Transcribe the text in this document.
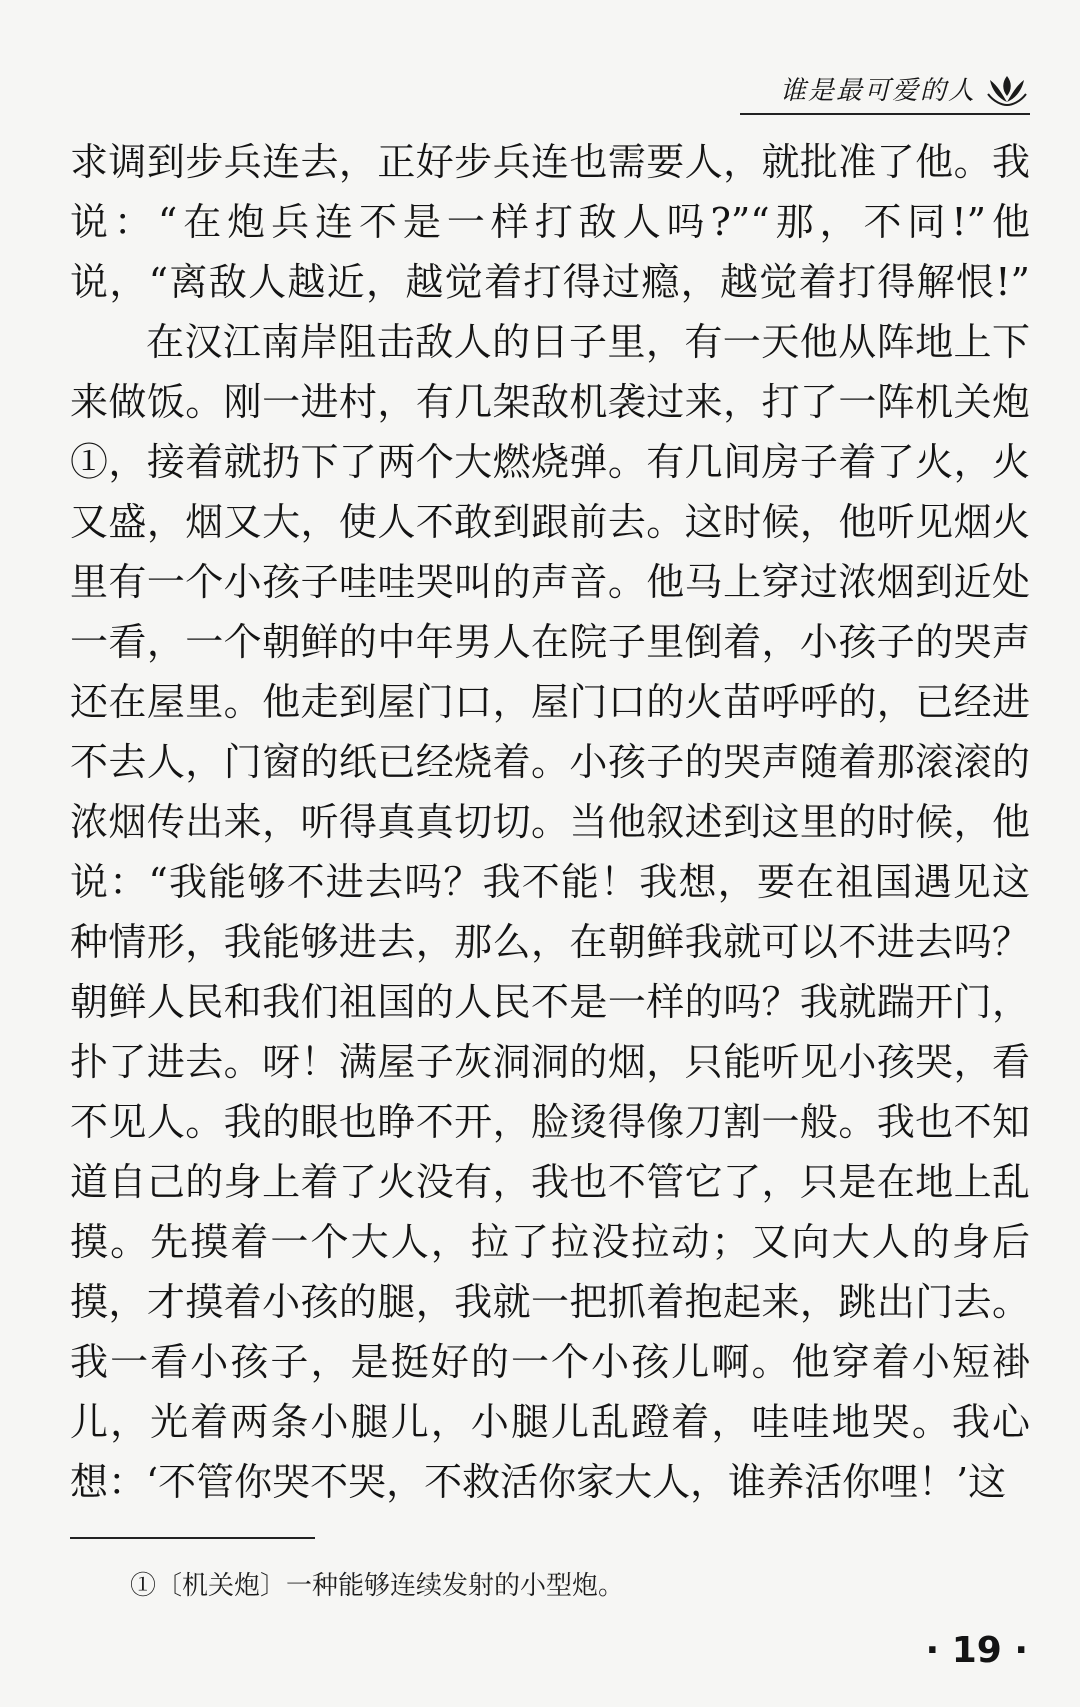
谁是最可爱的人

求调到步兵连去，正好步兵连也需要人，就批准了他。我说：“在炮兵连不是一样打敌人吗?”“那，不同!”他说，“离敌人越近，越觉着打得过瘾，越觉着打得解恨!”

在汉江南岸阻击敌人的日子里，有一天他从阵地上下来做饭。刚一进村，有几架敌机袭过来，打了一阵机关炮①，接着就扔下了两个大燃烧弹。有几间房子着了火，火又盛，烟又大，使人不敢到跟前去。这时候，他听见烟火里有一个小孩子哇哇哭叫的声音。他马上穿过浓烟到近处一看，一个朝鲜的中年男人在院子里倒着，小孩子的哭声还在屋里。他走到屋门口，屋门口的火苗呼呼的，已经进不去人，门窗的纸已经烧着。小孩子的哭声随着那滚滚的浓烟传出来，听得真真切切。当他叙述到这里的时候，他说：“我能够不进去吗？我不能！我想，要在祖国遇见这种情形，我能够进去，那么，在朝鲜我就可以不进去吗？朝鲜人民和我们祖国的人民不是一样的吗？我就踹开门，扑了进去。呀！满屋子灰洞洞的烟，只能听见小孩哭，看不见人。我的眼也睁不开，脸烫得像刀割一般。我也不知道自己的身上着了火没有，我也不管它了，只是在地上乱摸。先摸着一个大人，拉了拉没拉动；又向大人的身后摸，才摸着小孩的腿，我就一把抓着抱起来，跳出门去。我一看小孩子，是挺好的一个小孩儿啊。他穿着小短褂儿，光着两条小腿儿，小腿儿乱蹬着，哇哇地哭。我心想：‘不管你哭不哭，不救活你家大人，谁养活你哩！’这

①〔机关炮〕一种能够连续发射的小型炮。
· 19 ·
